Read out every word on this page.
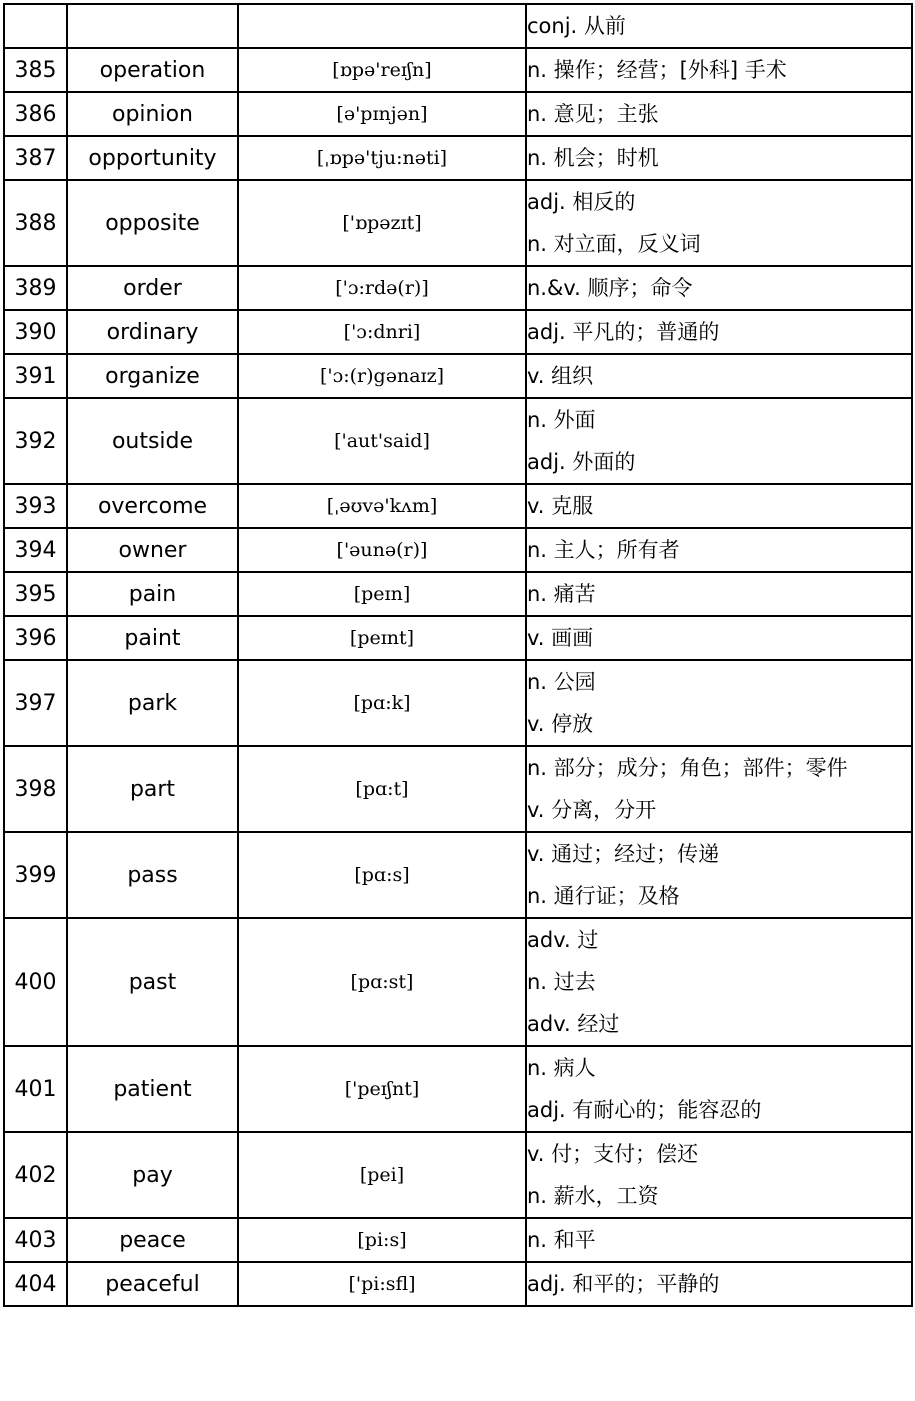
			conj. 从前

385	operation	[ɒpə'reɪʃn]	n. 操作；经营；[外科] 手术

386	opinion	[ə'pɪnjən]	n. 意见；主张

387	opportunity	[ˌɒpə'tju:nəti]	n. 机会；时机

388	opposite	['ɒpəzɪt]	adj. 相反的
n. 对立面，反义词

389	order	['ɔ:rdə(r)]	n.&v. 顺序；命令

390	ordinary	['ɔ:dnri]	adj. 平凡的；普通的

391	organize	['ɔ:(r)gənaɪz]	v. 组织

392	outside	['aut'said]	n. 外面
adj. 外面的

393	overcome	[ˌəʊvə'kʌm]	v. 克服

394	owner	['əunə(r)]	n. 主人；所有者

395	pain	[peɪn]	n. 痛苦

396	paint	[peɪnt]	v. 画画

397	park	[pɑ:k]	n. 公园
v. 停放

398	part	[pɑ:t]	n. 部分；成分；角色；部件；零件
v. 分离，分开

399	pass	[pɑ:s]	v. 通过；经过；传递
n. 通行证；及格

400	past	[pɑ:st]	adv. 过
n. 过去
adv. 经过

401	patient	['peɪʃnt]	n. 病人
adj. 有耐心的；能容忍的

402	pay	[pei]	v. 付；支付；偿还
n. 薪水，工资

403	peace	[pi:s]	n. 和平

404	peaceful	['pi:sfl]	adj. 和平的；平静的
